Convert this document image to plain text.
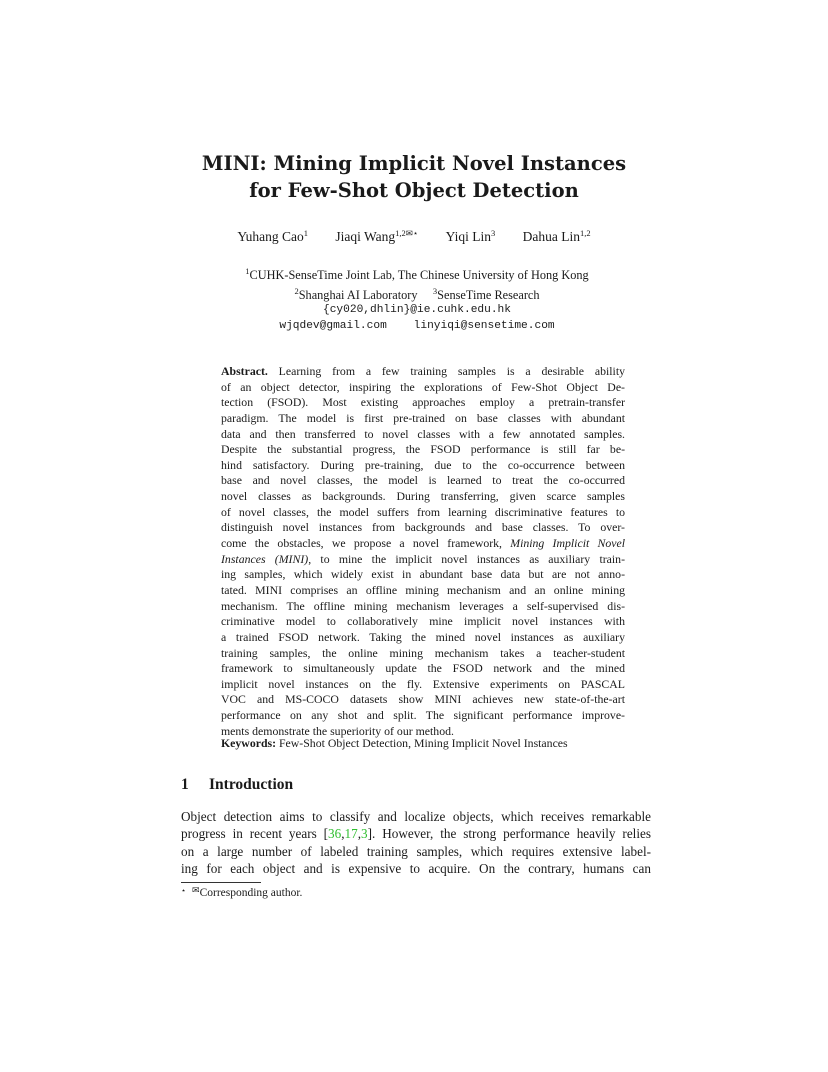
MINI: Mining Implicit Novel Instances
for Few-Shot Object Detection
Yuhang Cao$^1$ Jiaqi Wang$^{1,2✉⋆}$ Yiqi Lin$^3$ Dahua Lin$^{1,2}$
$^1$CUHK-SenseTime Joint Lab, The Chinese University of Hong Kong
$^2$Shanghai AI Laboratory $^3$SenseTime Research
{cy020,dhlin}@ie.cuhk.edu.hk
wjqdev@gmail.com linyiqi@sensetime.com
Abstract. Learning from a few training samples is a desirable ability
of an object detector, inspiring the explorations of Few-Shot Object De-
tection (FSOD). Most existing approaches employ a pretrain-transfer
paradigm. The model is first pre-trained on base classes with abundant
data and then transferred to novel classes with a few annotated samples.
Despite the substantial progress, the FSOD performance is still far be-
hind satisfactory. During pre-training, due to the co-occurrence between
base and novel classes, the model is learned to treat the co-occurred
novel classes as backgrounds. During transferring, given scarce samples
of novel classes, the model suffers from learning discriminative features to
distinguish novel instances from backgrounds and base classes. To over-
come the obstacles, we propose a novel framework, Mining Implicit Novel
Instances (MINI), to mine the implicit novel instances as auxiliary train-
ing samples, which widely exist in abundant base data but are not anno-
tated. MINI comprises an offline mining mechanism and an online mining
mechanism. The offline mining mechanism leverages a self-supervised dis-
criminative model to collaboratively mine implicit novel instances with
a trained FSOD network. Taking the mined novel instances as auxiliary
training samples, the online mining mechanism takes a teacher-student
framework to simultaneously update the FSOD network and the mined
implicit novel instances on the fly. Extensive experiments on PASCAL
VOC and MS-COCO datasets show MINI achieves new state-of-the-art
performance on any shot and split. The significant performance improve-
ments demonstrate the superiority of our method.
Keywords: Few-Shot Object Detection, Mining Implicit Novel Instances
1 Introduction
Object detection aims to classify and localize objects, which receives remarkable
progress in recent years [36,17,3]. However, the strong performance heavily relies
on a large number of labeled training samples, which requires extensive label-
ing for each object and is expensive to acquire. On the contrary, humans can
⋆ ✉Corresponding author.
